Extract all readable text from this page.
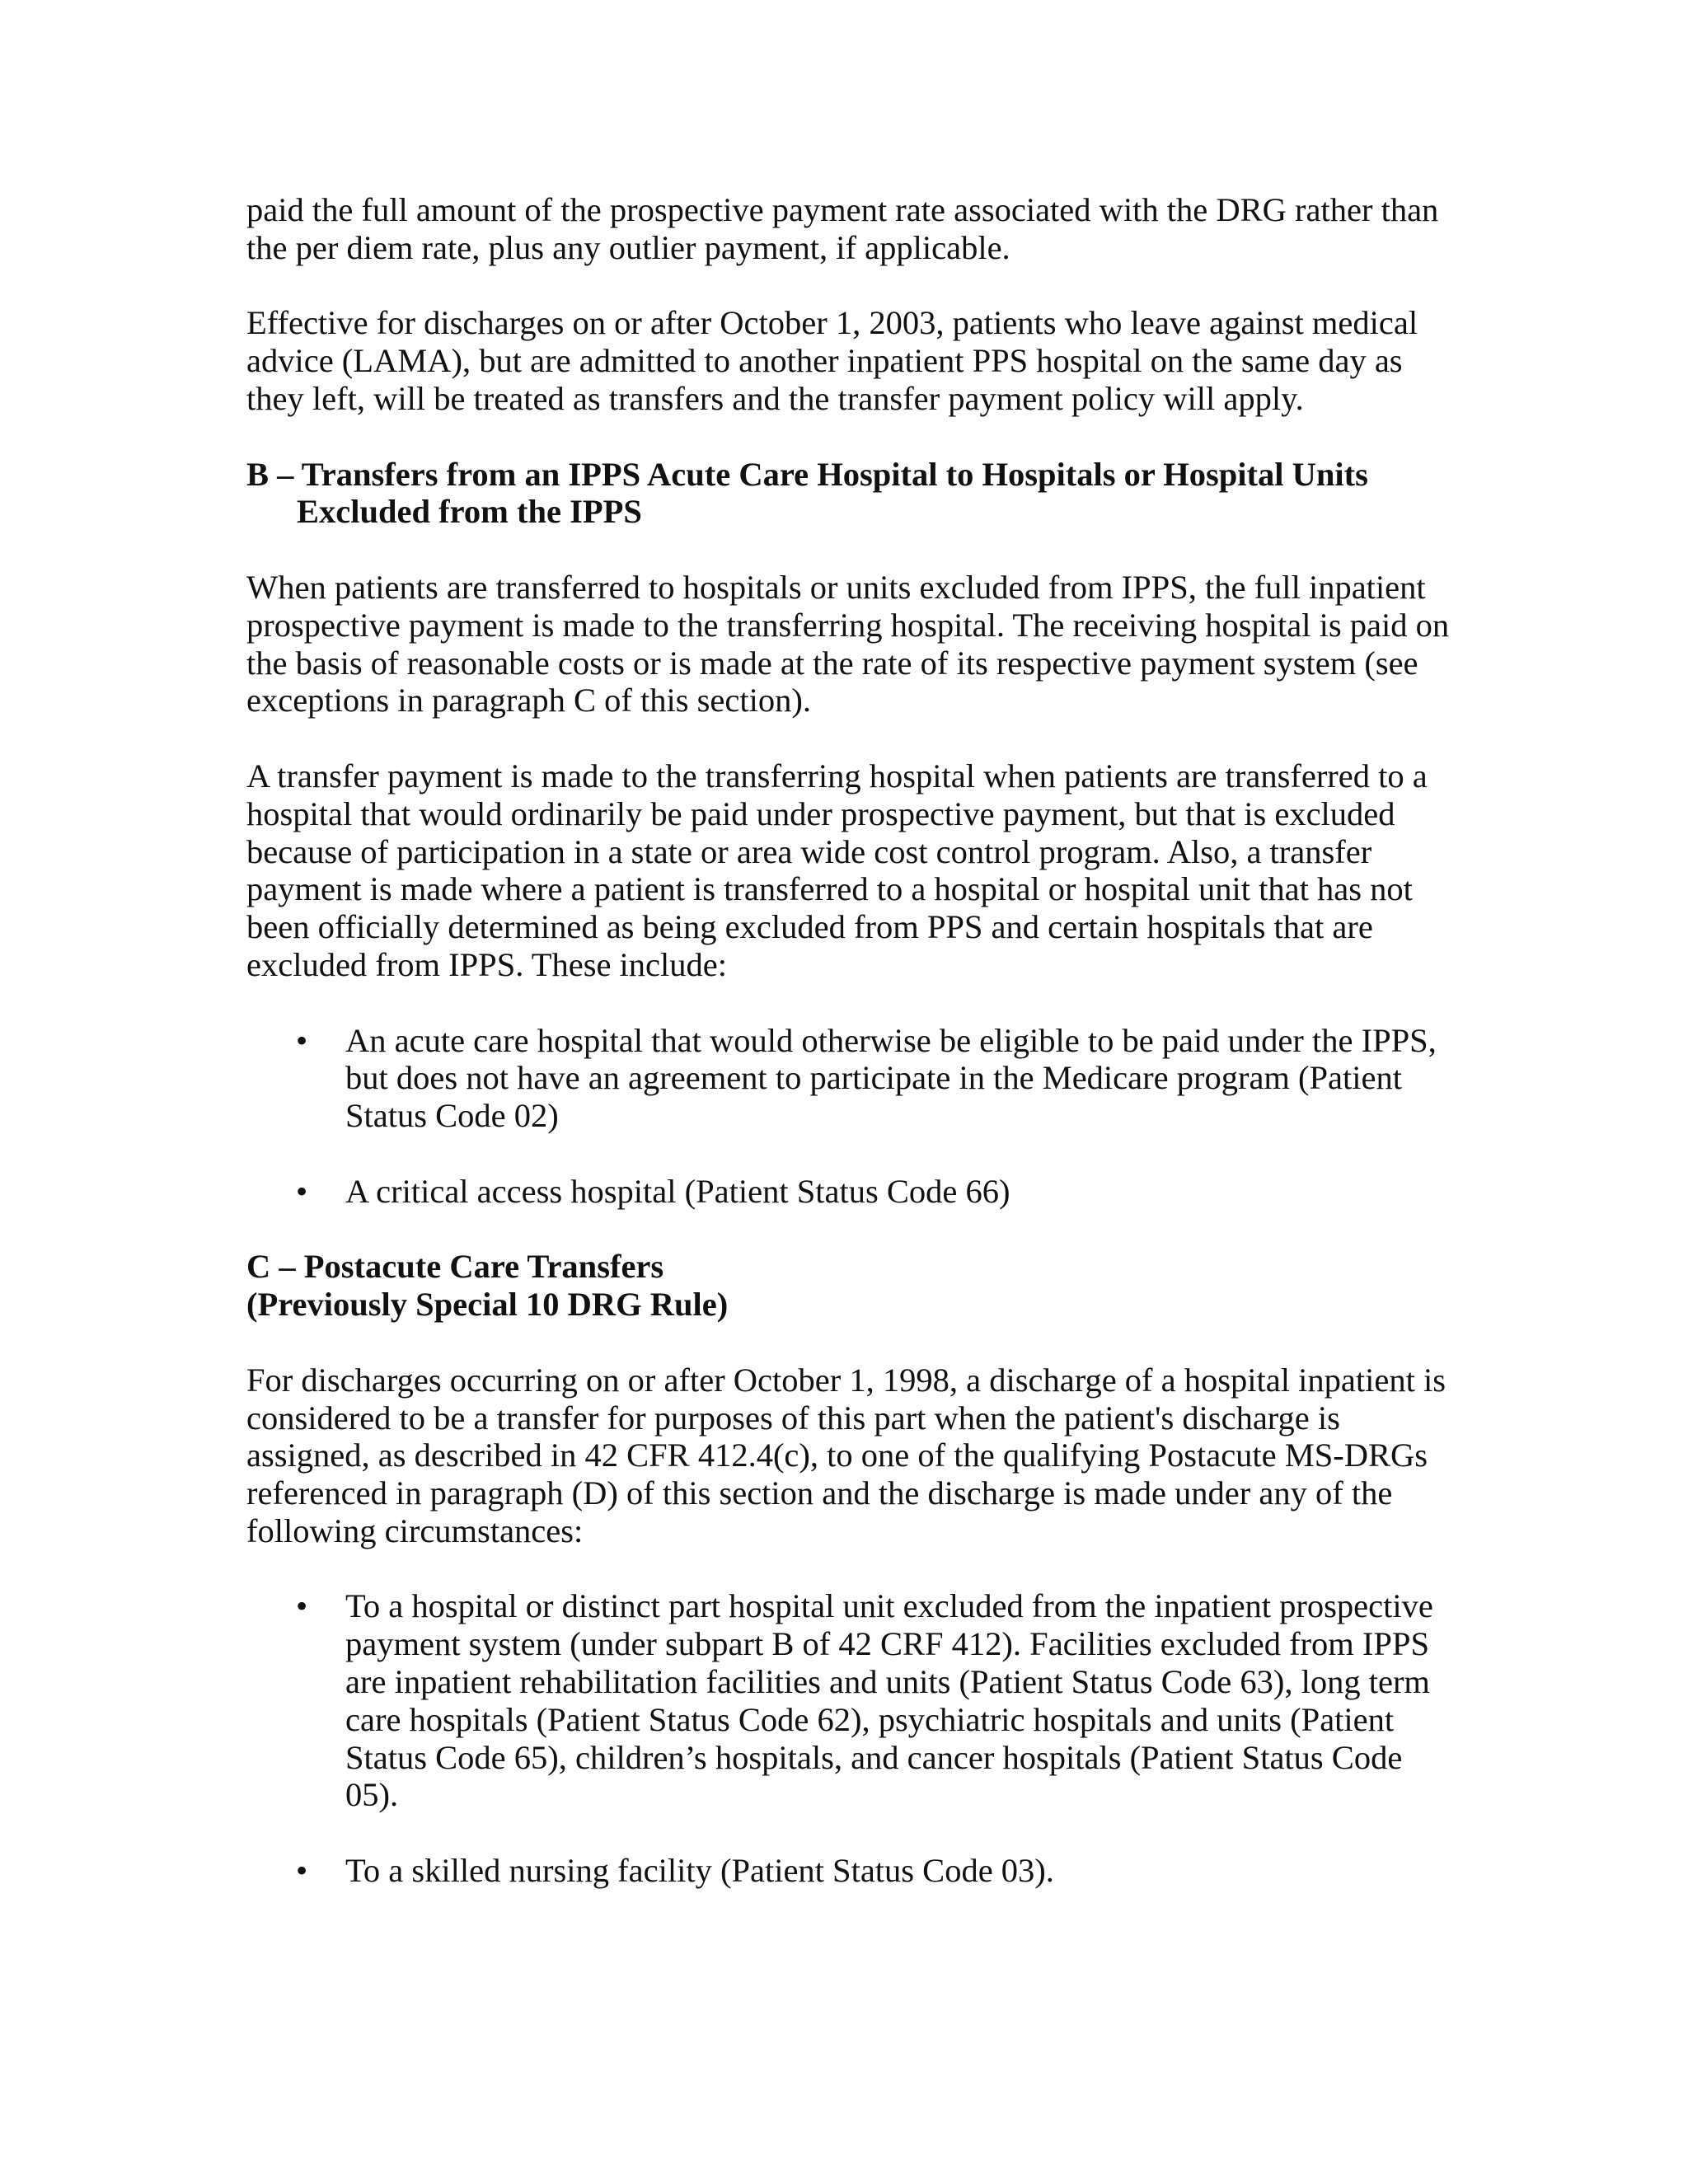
paid the full amount of the prospective payment rate associated with the DRG rather than the per diem rate, plus any outlier payment, if applicable.

Effective for discharges on or after October 1, 2003, patients who leave against medical advice (LAMA), but are admitted to another inpatient PPS hospital on the same day as they left, will be treated as transfers and the transfer payment policy will apply.

B – Transfers from an IPPS Acute Care Hospital to Hospitals or Hospital Units
Excluded from the IPPS

When patients are transferred to hospitals or units excluded from IPPS, the full inpatient prospective payment is made to the transferring hospital. The receiving hospital is paid on the basis of reasonable costs or is made at the rate of its respective payment system (see exceptions in paragraph C of this section).

A transfer payment is made to the transferring hospital when patients are transferred to a hospital that would ordinarily be paid under prospective payment, but that is excluded because of participation in a state or area wide cost control program. Also, a transfer payment is made where a patient is transferred to a hospital or hospital unit that has not been officially determined as being excluded from PPS and certain hospitals that are excluded from IPPS. These include:

•	An acute care hospital that would otherwise be eligible to be paid under the IPPS, but does not have an agreement to participate in the Medicare program (Patient Status Code 02)
•	A critical access hospital (Patient Status Code 66)
C – Postacute Care Transfers
(Previously Special 10 DRG Rule)

For discharges occurring on or after October 1, 1998, a discharge of a hospital inpatient is considered to be a transfer for purposes of this part when the patient's discharge is assigned, as described in 42 CFR 412.4(c), to one of the qualifying Postacute MS-DRGs referenced in paragraph (D) of this section and the discharge is made under any of the following circumstances:

•	To a hospital or distinct part hospital unit excluded from the inpatient prospective payment system (under subpart B of 42 CRF 412). Facilities excluded from IPPS are inpatient rehabilitation facilities and units (Patient Status Code 63), long term care hospitals (Patient Status Code 62), psychiatric hospitals and units (Patient Status Code 65), children’s hospitals, and cancer hospitals (Patient Status Code 05).
•	To a skilled nursing facility (Patient Status Code 03).
